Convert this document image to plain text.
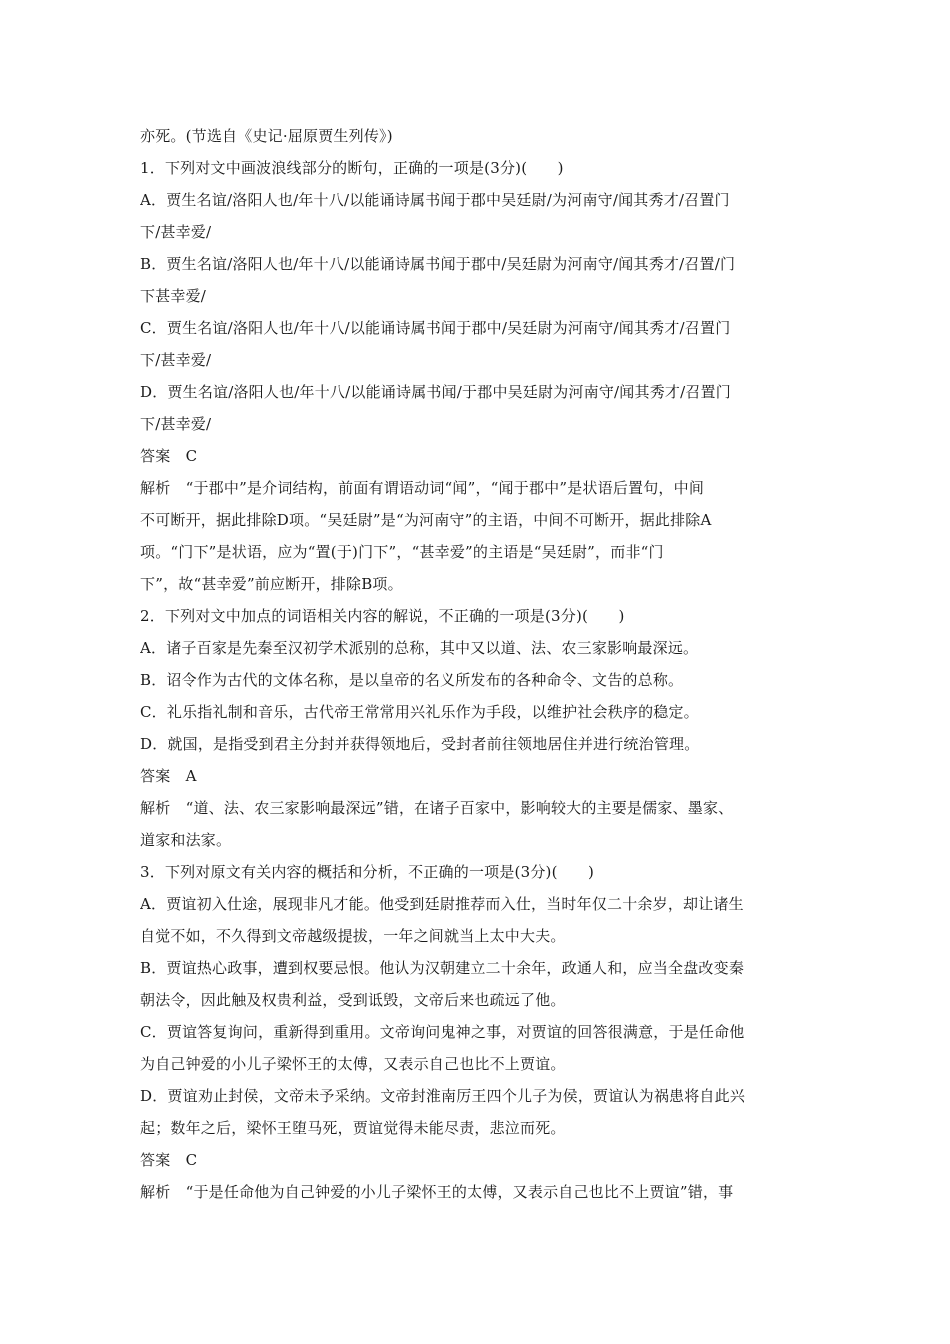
亦死。(节选自《史记·屈原贾生列传》)
1．下列对文中画波浪线部分的断句，正确的一项是(3分)(　　)
A．贾生名谊/洛阳人也/年十八/以能诵诗属书闻于郡中吴廷尉/为河南守/闻其秀才/召置门
下/甚幸爱/
B．贾生名谊/洛阳人也/年十八/以能诵诗属书闻于郡中/吴廷尉为河南守/闻其秀才/召置/门
下甚幸爱/
C．贾生名谊/洛阳人也/年十八/以能诵诗属书闻于郡中/吴廷尉为河南守/闻其秀才/召置门
下/甚幸爱/
D．贾生名谊/洛阳人也/年十八/以能诵诗属书闻/于郡中吴廷尉为河南守/闻其秀才/召置门
下/甚幸爱/
答案　C
解析　“于郡中”是介词结构，前面有谓语动词“闻”，“闻于郡中”是状语后置句，中间
不可断开，据此排除D项。“吴廷尉”是“为河南守”的主语，中间不可断开，据此排除A
项。“门下”是状语，应为“置(于)门下”，“甚幸爱”的主语是“吴廷尉”，而非“门
下”，故“甚幸爱”前应断开，排除B项。
2．下列对文中加点的词语相关内容的解说，不正确的一项是(3分)(　　)
A．诸子百家是先秦至汉初学术派别的总称，其中又以道、法、农三家影响最深远。
B．诏令作为古代的文体名称，是以皇帝的名义所发布的各种命令、文告的总称。
C．礼乐指礼制和音乐，古代帝王常常用兴礼乐作为手段，以维护社会秩序的稳定。
D．就国，是指受到君主分封并获得领地后，受封者前往领地居住并进行统治管理。
答案　A
解析　“道、法、农三家影响最深远”错，在诸子百家中，影响较大的主要是儒家、墨家、
道家和法家。
3．下列对原文有关内容的概括和分析，不正确的一项是(3分)(　　)
A．贾谊初入仕途，展现非凡才能。他受到廷尉推荐而入仕，当时年仅二十余岁，却让诸生
自觉不如，不久得到文帝越级提拔，一年之间就当上太中大夫。
B．贾谊热心政事，遭到权要忌恨。他认为汉朝建立二十余年，政通人和，应当全盘改变秦
朝法令，因此触及权贵利益，受到诋毁，文帝后来也疏远了他。
C．贾谊答复询问，重新得到重用。文帝询问鬼神之事，对贾谊的回答很满意，于是任命他
为自己钟爱的小儿子梁怀王的太傅，又表示自己也比不上贾谊。
D．贾谊劝止封侯，文帝未予采纳。文帝封淮南厉王四个儿子为侯，贾谊认为祸患将自此兴
起；数年之后，梁怀王堕马死，贾谊觉得未能尽责，悲泣而死。
答案　C
解析　“于是任命他为自己钟爱的小儿子梁怀王的太傅，又表示自己也比不上贾谊”错，事
